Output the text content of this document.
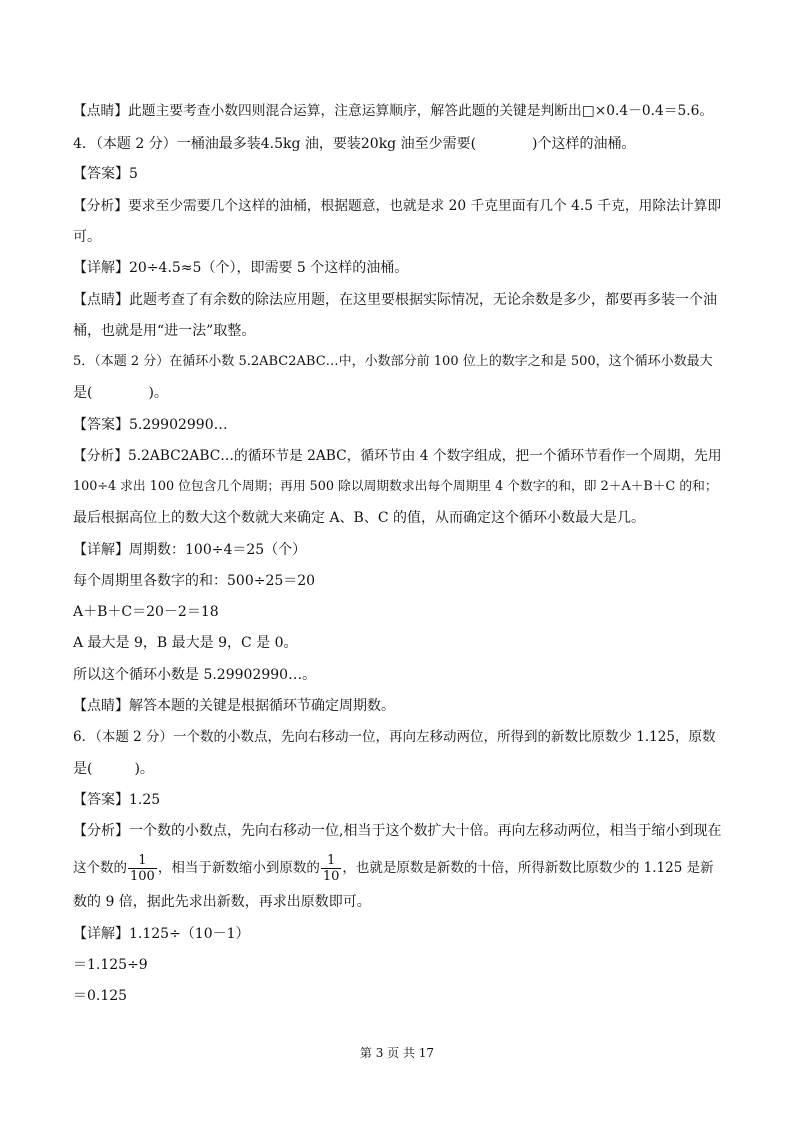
【点睛】此题主要考查小数四则混合运算，注意运算顺序，解答此题的关键是判断出□×0.4－0.4＝5.6。
4．（本题 2 分）一桶油最多装4.5kg 油，要装20kg 油至少需要(　　　　)个这样的油桶。
【答案】5
【分析】要求至少需要几个这样的油桶，根据题意，也就是求 20 千克里面有几个 4.5 千克，用除法计算即
可。
【详解】20÷4.5≈5（个），即需要 5 个这样的油桶。
【点睛】此题考查了有余数的除法应用题，在这里要根据实际情况，无论余数是多少，都要再多装一个油
桶，也就是用“进一法”取整。
5．（本题 2 分）在循环小数 5.2ABC2ABC…中，小数部分前 100 位上的数字之和是 500，这个循环小数最大
是(　　　　)。
【答案】5.29902990…
【分析】5.2ABC2ABC…的循环节是 2ABC，循环节由 4 个数字组成，把一个循环节看作一个周期，先用
100÷4 求出 100 位包含几个周期；再用 500 除以周期数求出每个周期里 4 个数字的和，即 2＋A＋B＋C 的和；
最后根据高位上的数大这个数就大来确定 A、B、C 的值，从而确定这个循环小数最大是几。
【详解】周期数：100÷4＝25（个）
每个周期里各数字的和：500÷25＝20
A＋B＋C＝20－2＝18
A 最大是 9，B 最大是 9，C 是 0。
所以这个循环小数是 5.29902990…。
【点睛】解答本题的关键是根据循环节确定周期数。
6．（本题 2 分）一个数的小数点，先向右移动一位，再向左移动两位，所得到的新数比原数少 1.125，原数
是(　　　)。
【答案】1.25
【分析】一个数的小数点，先向右移动一位,相当于这个数扩大十倍。再向左移动两位，相当于缩小到现在
这个数的 $\frac{1}{100}$ ，相当于新数缩小到原数的 $\frac{1}{10}$ ，也就是原数是新数的十倍，所得新数比原数少的 1.125 是新
数的 9 倍，据此先求出新数，再求出原数即可。
【详解】1.125÷（10－1）
＝1.125÷9
＝0.125
第 3 页 共 17
